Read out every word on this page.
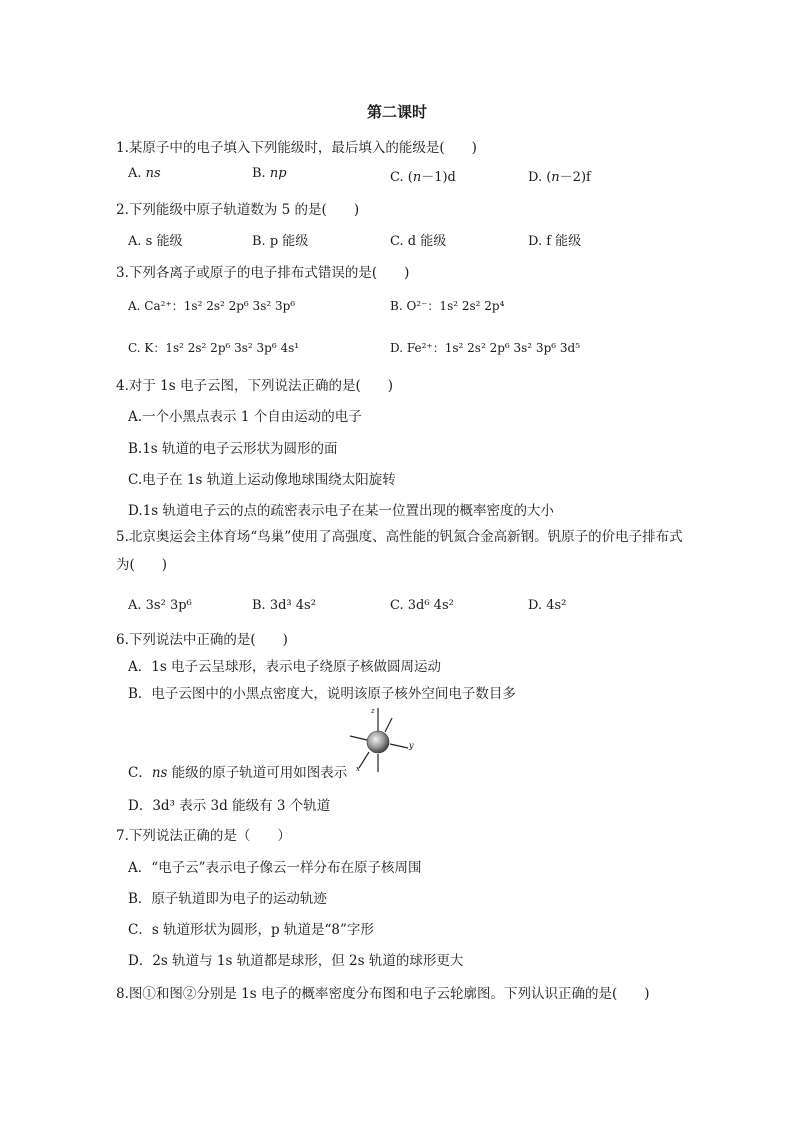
第二课时
1.某原子中的电子填入下列能级时，最后填入的能级是(　　)
A. ns	B. np	C. (n－1)d	D. (n－2)f
2.下列能级中原子轨道数为 5 的是(　　)
A. s 能级	B. p 能级	C. d 能级	D. f 能级
3.下列各离子或原子的电子排布式错误的是(　　)
A. Ca²⁺：1s² 2s² 2p⁶ 3s² 3p⁶	B. O²⁻：1s² 2s² 2p⁴
C. K：1s² 2s² 2p⁶ 3s² 3p⁶ 4s¹	D. Fe²⁺：1s² 2s² 2p⁶ 3s² 3p⁶ 3d⁵
4.对于 1s 电子云图，下列说法正确的是(　　)
A.一个小黑点表示 1 个自由运动的电子
B.1s 轨道的电子云形状为圆形的面
C.电子在 1s 轨道上运动像地球围绕太阳旋转
D.1s 轨道电子云的点的疏密表示电子在某一位置出现的概率密度的大小
5.北京奥运会主体育场“鸟巢”使用了高强度、高性能的钒氮合金高新钢。钒原子的价电子排布式为(　　)
A. 3s² 3p⁶	B. 3d³ 4s²	C. 3d⁶ 4s²	D. 4s²
6.下列说法中正确的是(　　)
A．1s 电子云呈球形，表示电子绕原子核做圆周运动
B．电子云图中的小黑点密度大，说明该原子核外空间电子数目多
z
y
x
C．ns 能级的原子轨道可用如图表示
D．3d³ 表示 3d 能级有 3 个轨道
7.下列说法正确的是（　　）
A．“电子云”表示电子像云一样分布在原子核周围
B．原子轨道即为电子的运动轨迹
C．s 轨道形状为圆形，p 轨道是“8”字形
D．2s 轨道与 1s 轨道都是球形，但 2s 轨道的球形更大
8.图①和图②分别是 1s 电子的概率密度分布图和电子云轮廓图。下列认识正确的是(　　)
